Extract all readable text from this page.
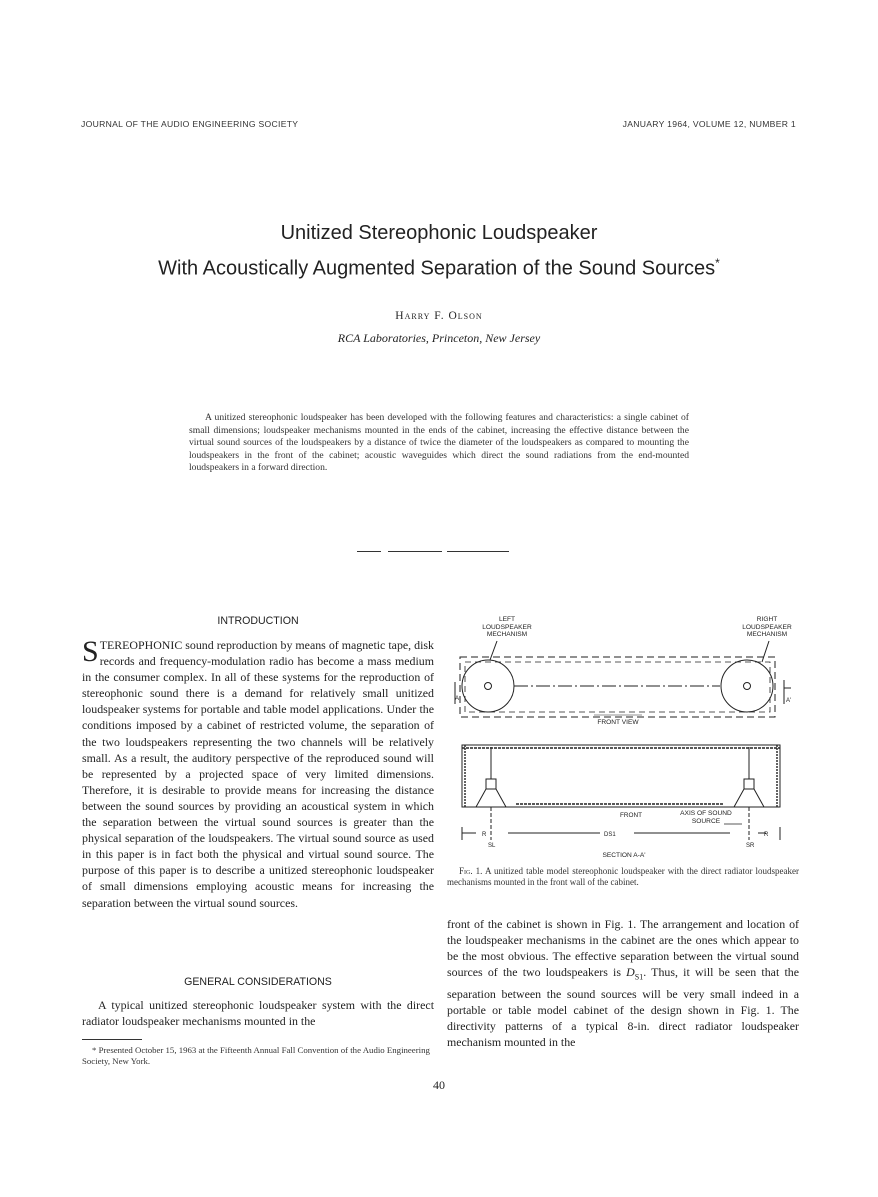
JOURNAL OF THE AUDIO ENGINEERING SOCIETY	JANUARY 1964, VOLUME 12, NUMBER 1
Unitized Stereophonic Loudspeaker
With Acoustically Augmented Separation of the Sound Sources*
Harry F. Olson
RCA Laboratories, Princeton, New Jersey
A unitized stereophonic loudspeaker has been developed with the following features and characteristics: a single cabinet of small dimensions; loudspeaker mechanisms mounted in the ends of the cabinet, increasing the effective distance between the virtual sound sources of the loudspeakers by a distance of twice the diameter of the loudspeakers as compared to mounting the loudspeakers in the front of the cabinet; acoustic waveguides which direct the sound radiations from the end-mounted loudspeakers in a forward direction.
INTRODUCTION
STEREOPHONIC sound reproduction by means of magnetic tape, disk records and frequency-modulation radio has become a mass medium in the consumer complex. In all of these systems for the reproduction of stereophonic sound there is a demand for relatively small unitized loudspeaker systems for portable and table model applications. Under the conditions imposed by a cabinet of restricted volume, the separation of the two loudspeakers representing the two channels will be relatively small. As a result, the auditory perspective of the reproduced sound will be represented by a projected space of very limited dimensions. Therefore, it is desirable to provide means for increasing the distance between the sound sources by providing an acoustical system in which the separation between the virtual sound sources is greater than the physical separation of the loudspeakers. The virtual sound source as used in this paper is in fact both the physical and virtual sound source. The purpose of this paper is to describe a unitized stereophonic loudspeaker of small dimensions employing acoustic means for increasing the separation between the virtual sound sources.
GENERAL CONSIDERATIONS
A typical unitized stereophonic loudspeaker system with the direct radiator loudspeaker mechanisms mounted in the
* Presented October 15, 1963 at the Fifteenth Annual Fall Convention of the Audio Engineering Society, New York.
A	A'
FRONT VIEW
FRONT
R	DS1	R
SL	SR
SECTION A-A'
LEFT LOUDSPEAKER MECHANISM
RIGHT LOUDSPEAKER MECHANISM
AXIS OF SOUND SOURCE
Fig. 1. A unitized table model stereophonic loudspeaker with the direct radiator loudspeaker mechanisms mounted in the front wall of the cabinet.
front of the cabinet is shown in Fig. 1. The arrangement and location of the loudspeaker mechanisms in the cabinet are the ones which appear to be the most obvious. The effective separation between the virtual sound sources of the two loudspeakers is $D_{S1}$. Thus, it will be seen that the separation between the sound sources will be very small indeed in a portable or table model cabinet of the design shown in Fig. 1. The directivity patterns of a typical 8-in. direct radiator loudspeaker mechanism mounted in the
40
